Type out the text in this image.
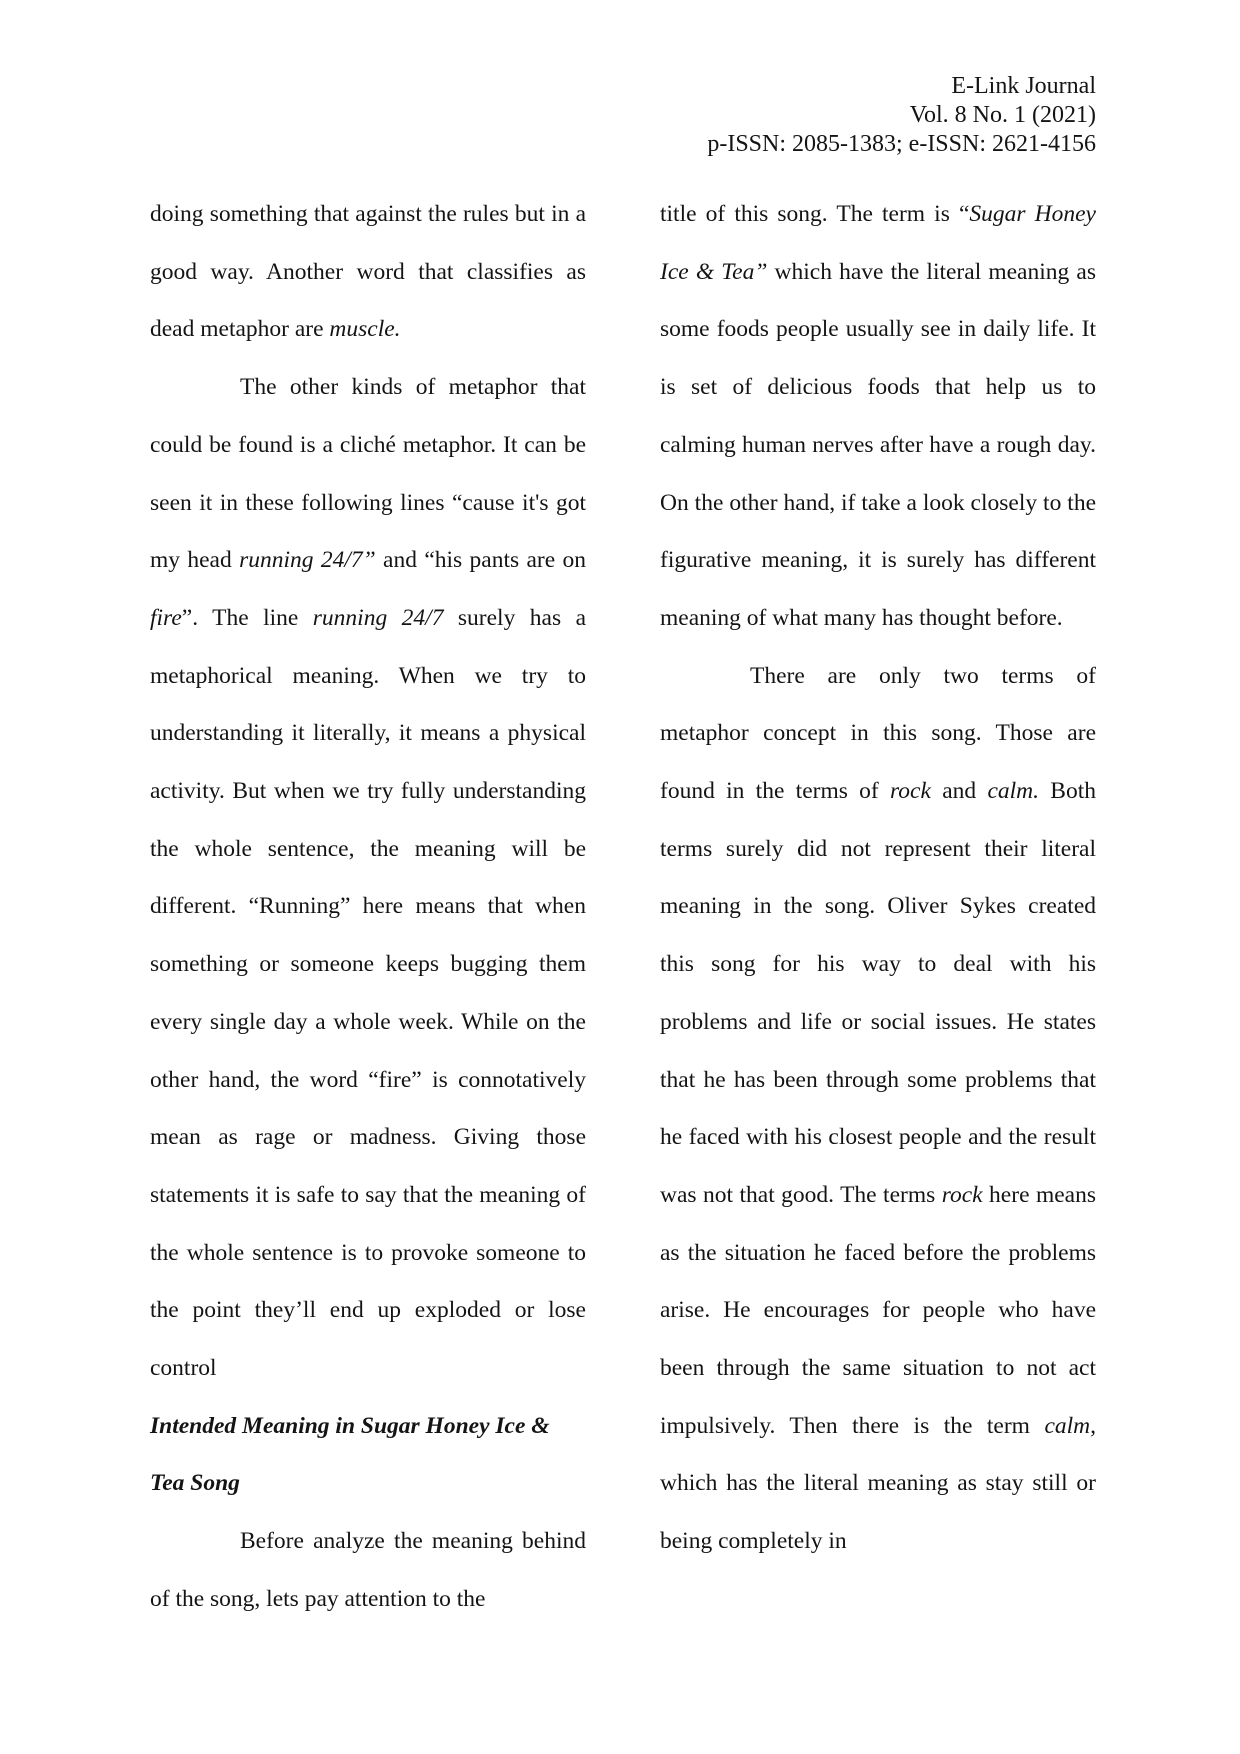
E-Link Journal
Vol. 8 No. 1 (2021)
p-ISSN: 2085-1383; e-ISSN: 2621-4156

doing something that against the rules but in a good way. Another word that classifies as dead metaphor are muscle.

The other kinds of metaphor that could be found is a cliché metaphor. It can be seen it in these following lines “cause it's got my head running 24/7” and “his pants are on fire”. The line running 24/7 surely has a metaphorical meaning. When we try to understanding it literally, it means a physical activity. But when we try fully understanding the whole sentence, the meaning will be different. “Running” here means that when something or someone keeps bugging them every single day a whole week. While on the other hand, the word “fire” is connotatively mean as rage or madness. Giving those statements it is safe to say that the meaning of the whole sentence is to provoke someone to the point they’ll end up exploded or lose control

Intended Meaning in Sugar Honey Ice & Tea Song

Before analyze the meaning behind of the song, lets pay attention to the

title of this song. The term is “Sugar Honey Ice & Tea” which have the literal meaning as some foods people usually see in daily life. It is set of delicious foods that help us to calming human nerves after have a rough day. On the other hand, if take a look closely to the figurative meaning, it is surely has different meaning of what many has thought before.

There are only two terms of metaphor concept in this song. Those are found in the terms of rock and calm. Both terms surely did not represent their literal meaning in the song. Oliver Sykes created this song for his way to deal with his problems and life or social issues. He states that he has been through some problems that he faced with his closest people and the result was not that good. The terms rock here means as the situation he faced before the problems arise. He encourages for people who have been through the same situation to not act impulsively. Then there is the term calm, which has the literal meaning as stay still or being completely in
